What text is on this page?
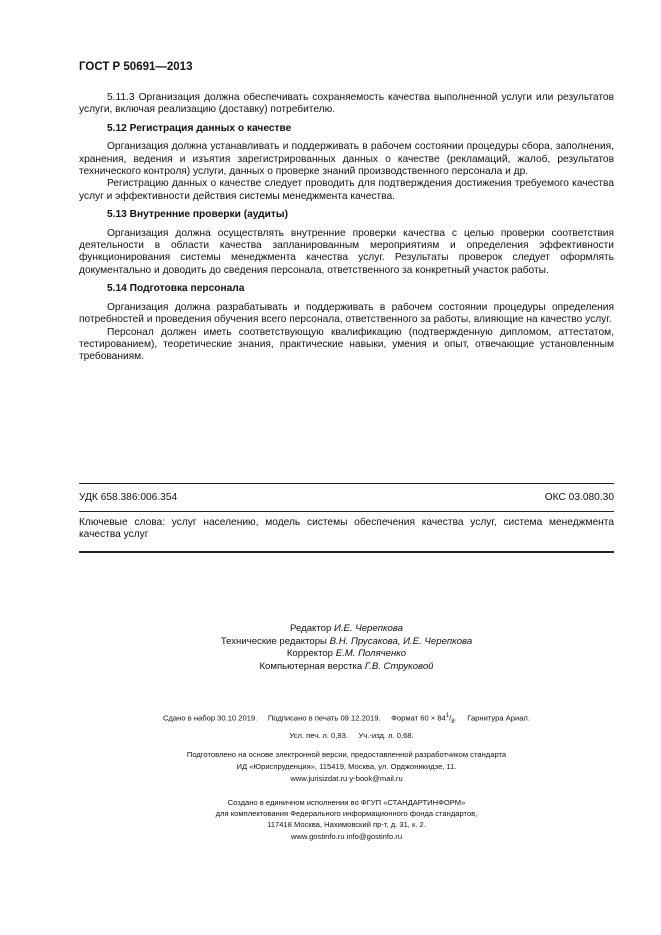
ГОСТ Р 50691—2013

5.11.3 Организация должна обеспечивать сохраняемость качества выполненной услуги или результатов услуги, включая реализацию (доставку) потребителю.

5.12 Регистрация данных о качестве

Организация должна устанавливать и поддерживать в рабочем состоянии процедуры сбора, заполнения, хранения, ведения и изъятия зарегистрированных данных о качестве (рекламаций, жалоб, результатов технического контроля) услуги, данных о проверке знаний производственного персонала и др.

Регистрацию данных о качестве следует проводить для подтверждения достижения требуемого качества услуг и эффективности действия системы менеджмента качества.

5.13 Внутренние проверки (аудиты)

Организация должна осуществлять внутренние проверки качества с целью проверки соответствия деятельности в области качества запланированным мероприятиям и определения эффективности функционирования системы менеджмента качества услуг. Результаты проверок следует оформлять документально и доводить до сведения персонала, ответственного за конкретный участок работы.

5.14 Подготовка персонала

Организация должна разрабатывать и поддерживать в рабочем состоянии процедуры определения потребностей и проведения обучения всего персонала, ответственного за работы, влияющие на качество услуг.

Персонал должен иметь соответствующую квалификацию (подтвержденную дипломом, аттестатом, тестированием), теоретические знания, практические навыки, умения и опыт, отвечающие установленным требованиям.

УДК 658.386:006.354	ОКС 03.080.30
Ключевые слова: услуг населению, модель системы обеспечения качества услуг, система менеджмента качества услуг
Редактор И.Е. Черепкова
Технические редакторы В.Н. Прусакова, И.Е. Черепкова
Корректор Е.М. Поляченко
Компьютерная верстка Г.В. Струковой
Сдано в набор 30.10.2019. Подписано в печать 09.12.2019. Формат $60 \times 84^1/_8$.     Гарнитура Ариал.
Усл. печ. л. 0,93. Уч.-изд. л. 0,68.
Подготовлено на основе электронной версии, предоставленной разработчиком стандарта
ИД «Юриспруденция», 115419, Москва, ул. Орджоникидзе, 11.
www.jurisizdat.ru y-book@mail.ru
Создано в единичном исполнении во ФГУП «СТАНДАРТИНФОРМ»
для комплектования Федерального информационного фонда стандартов,
117418 Москва, Нахимовский пр-т, д. 31, к. 2.
www.gostinfo.ru info@gostinfo.ru
